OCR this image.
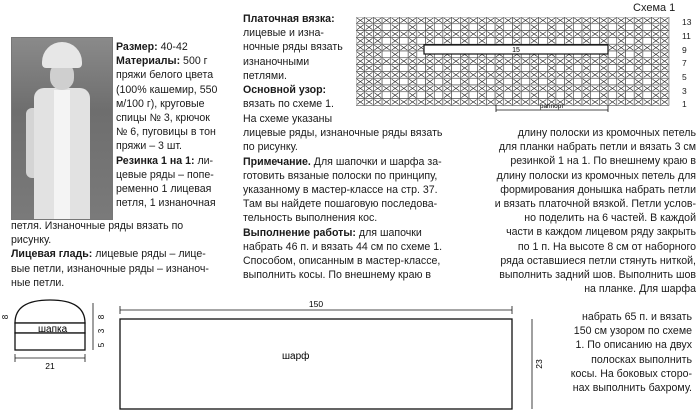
Размер: 40-42

Материалы: 500 г

пряжи белого цвета

(100% кашемир, 550

м/100 г), круговые

спицы № 3, крючок

№ 6, пуговицы в тон

пряжи – 3 шт.

Резинка 1 на 1: ли-

цевые ряды – попе-

ременно 1 лицевая

петля, 1 изнаночная

петля. Изнаночные ряды вязать по

рисунку.

Лицевая гладь: лицевые ряды – лице-

вые петли, изнаночные ряды – изнаноч-

ные петли.

Платочная вязка:

лицевые и изна-

ночные ряды вязать

изнаночными

петлями.

Основной узор:

вязать по схеме 1.

На схеме указаны

лицевые ряды, изнаночные ряды вязать

по рисунку.

Примечание. Для шапочки и шарфа за-

готовить вязаные полоски по принципу,

указанному в мастер-классе на стр. 37.

Там вы найдете пошаговую последова-

тельность выполнения кос.

Выполнение работы: для шапочки

набрать 46 п. и вязать 44 см по схеме 1.

Способом, описанным в мастер-классе,

выполнить косы. По внешнему краю в

длину полоски из кромочных петель

для планки набрать петли и вязать 3 см

резинкой 1 на 1. По внешнему краю в

длину полоски из кромочных петель для

формирования донышка набрать петли

и вязать платочной вязкой. Петли услов-

но поделить на 6 частей. В каждой

части в каждом лицевом ряду закрыть

по 1 п. На высоте 8 см от наборного

ряда оставшиеся петли стянуть ниткой,

выполнить задний шов. Выполнить шов

на планке. Для шарфа

набрать 65 п. и вязать

150 см узором по схеме

1. По описанию на двух

полосках выполнить

косы. На боковых сторо-

нах выполнить бахрому.

Схема 1
15
раппорт
13
11
9
7
5
3
1
шапка
21
8
3
5
8
150
шарф
23
